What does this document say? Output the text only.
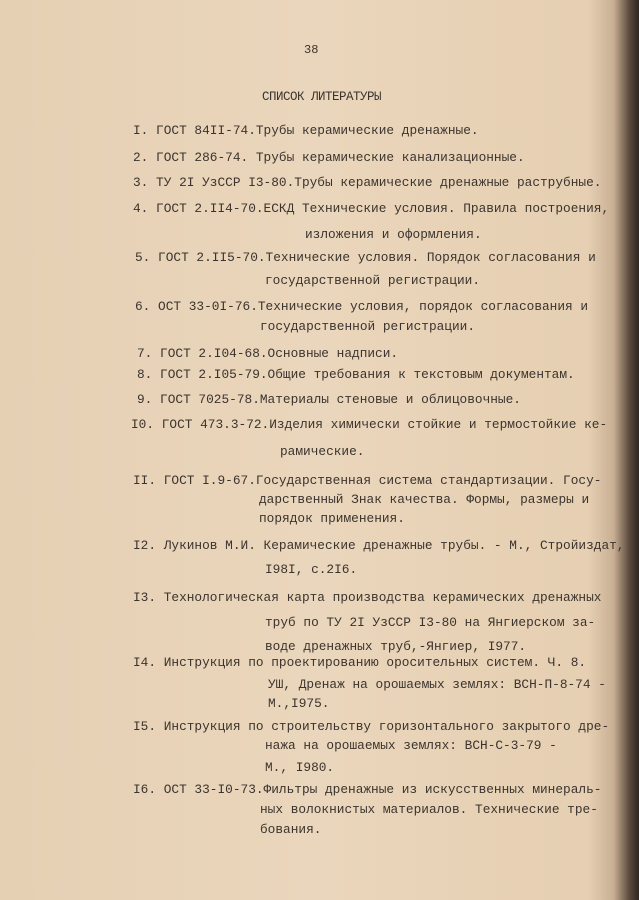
38
СПИСОК ЛИТЕРАТУРЫ
I. ГОСТ 84II-74.Трубы керамические дренажные.
2. ГОСТ 286-74. Трубы керамические канализационные.
3. ТУ 2I УзССР I3-80.Трубы керамические дренажные раструбные.
4. ГОСТ 2.II4-70.ЕСКД Технические условия. Правила построения,
изложения и оформления.
5. ГОСТ 2.II5-70.Технические условия. Порядок согласования и
государственной регистрации.
6. ОСТ 33-0I-76.Технические условия, порядок согласования и
государственной регистрации.
7. ГОСТ 2.I04-68.Основные надписи.
8. ГОСТ 2.I05-79.Общие требования к текстовым документам.
9. ГОСТ 7025-78.Материалы стеновые и облицовочные.
I0. ГОСТ 473.3-72.Изделия химически стойкие и термостойкие ке-
рамические.
II. ГОСТ I.9-67.Государственная система стандартизации. Госу-
дарственный Знак качества. Формы, размеры и
порядок применения.
I2. Лукинов М.И. Керамические дренажные трубы. - М., Стройиздат,
I98I, с.2I6.
I3. Технологическая карта производства керамических дренажных
труб по ТУ 2I УзССР I3-80 на Янгиерском за-
воде дренажных труб,-Янгиер, I977.
I4. Инструкция по проектированию оросительных систем. Ч. 8.
УШ, Дренаж на орошаемых землях: ВСН-П-8-74 -
М.,I975.
I5. Инструкция по строительству горизонтального закрытого дре-
нажа на орошаемых землях: ВСН-С-3-79 -
М., I980.
I6. ОСТ 33-I0-73.Фильтры дренажные из искусственных минераль-
ных волокнистых материалов. Технические тре-
бования.
